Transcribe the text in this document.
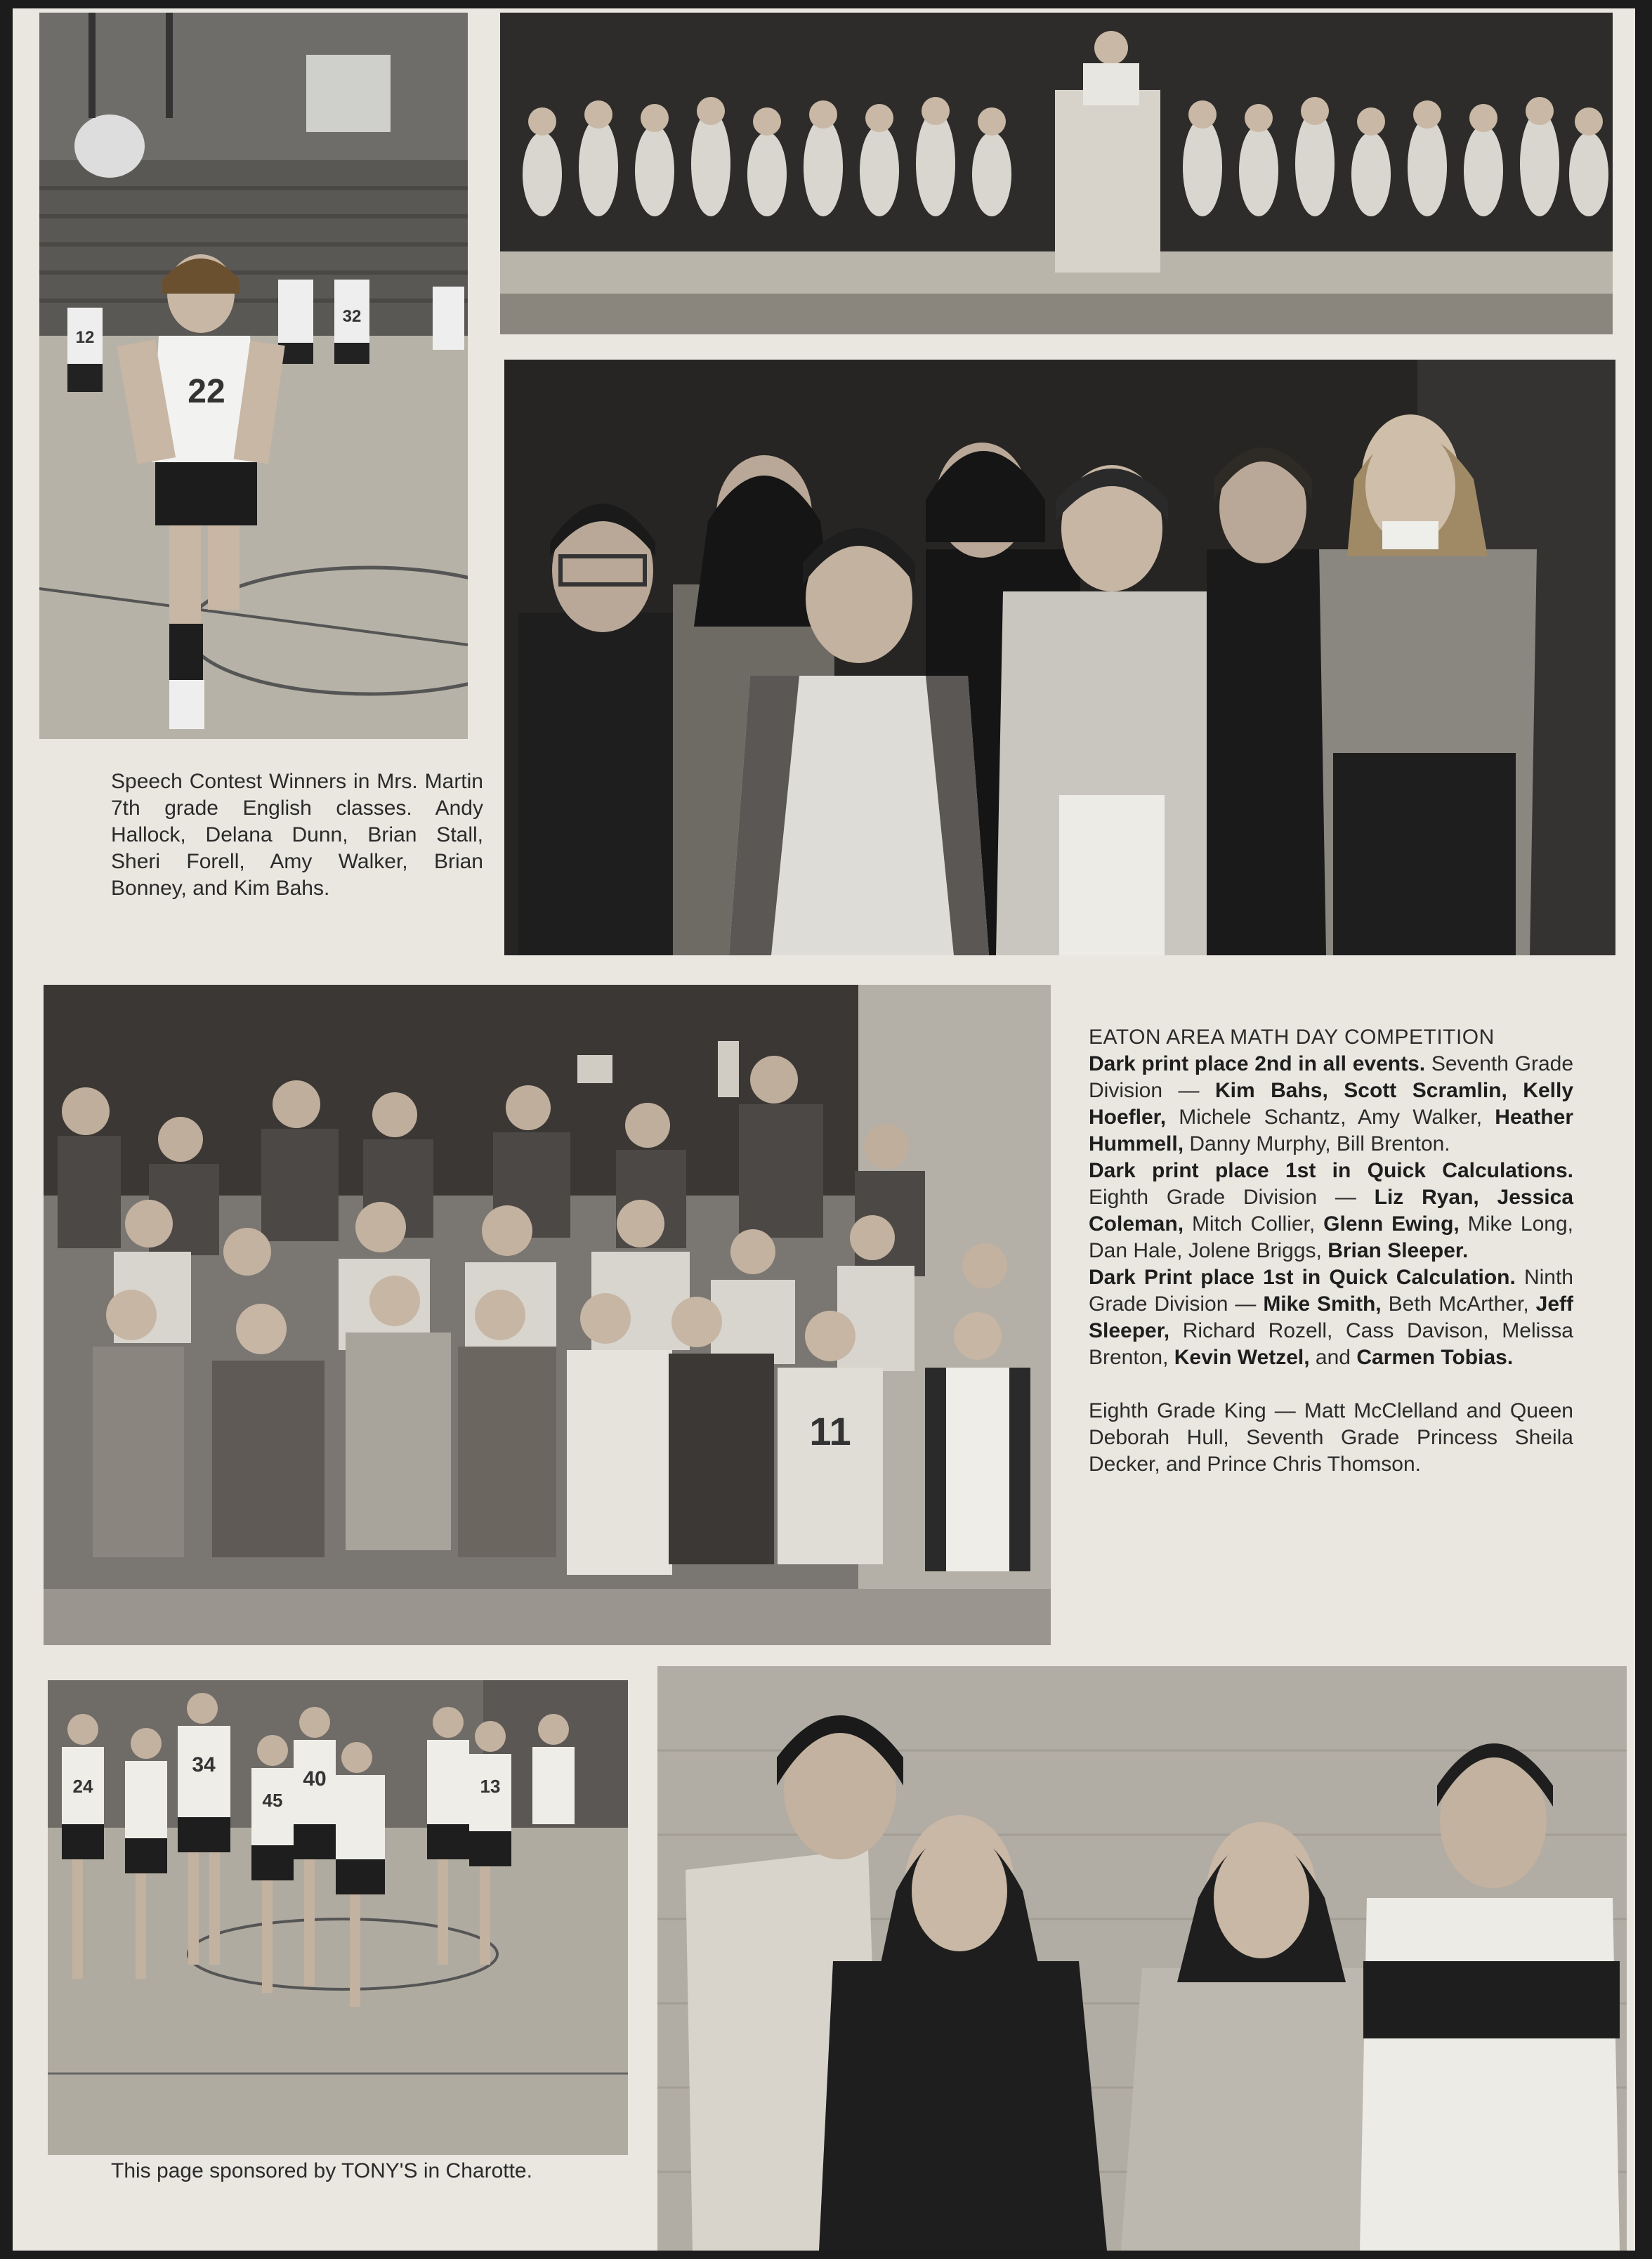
22
12
32
Speech Contest Winners in Mrs. Martin 7th grade English classes. Andy Hallock, Delana Dunn, Brian Stall, Sheri Forell, Amy Walker, Brian Bonney, and Kim Bahs.
11

EATON AREA MATH DAY COMPETITION

Dark print place 2nd in all events. Seventh Grade Division — Kim Bahs, Scott Scramlin, Kelly Hoefler, Michele Schantz, Amy Walker, Heather Hummell, Danny Murphy, Bill Brenton.

Dark print place 1st in Quick Calculations. Eighth Grade Division — Liz Ryan, Jessica Coleman, Mitch Collier, Glenn Ewing, Mike Long, Dan Hale, Jolene Briggs, Brian Sleeper.

Dark Print place 1st in Quick Calculation. Ninth Grade Division — Mike Smith, Beth McArther, Jeff Sleeper, Richard Rozell, Cass Davison, Melissa Brenton, Kevin Wetzel, and Carmen Tobias.

Eighth Grade King — Matt McClelland and Queen Deborah Hull, Seventh Grade Princess Sheila Decker, and Prince Chris Thomson.

24
34
45
40	13
This page sponsored by TONY'S in Charotte.
